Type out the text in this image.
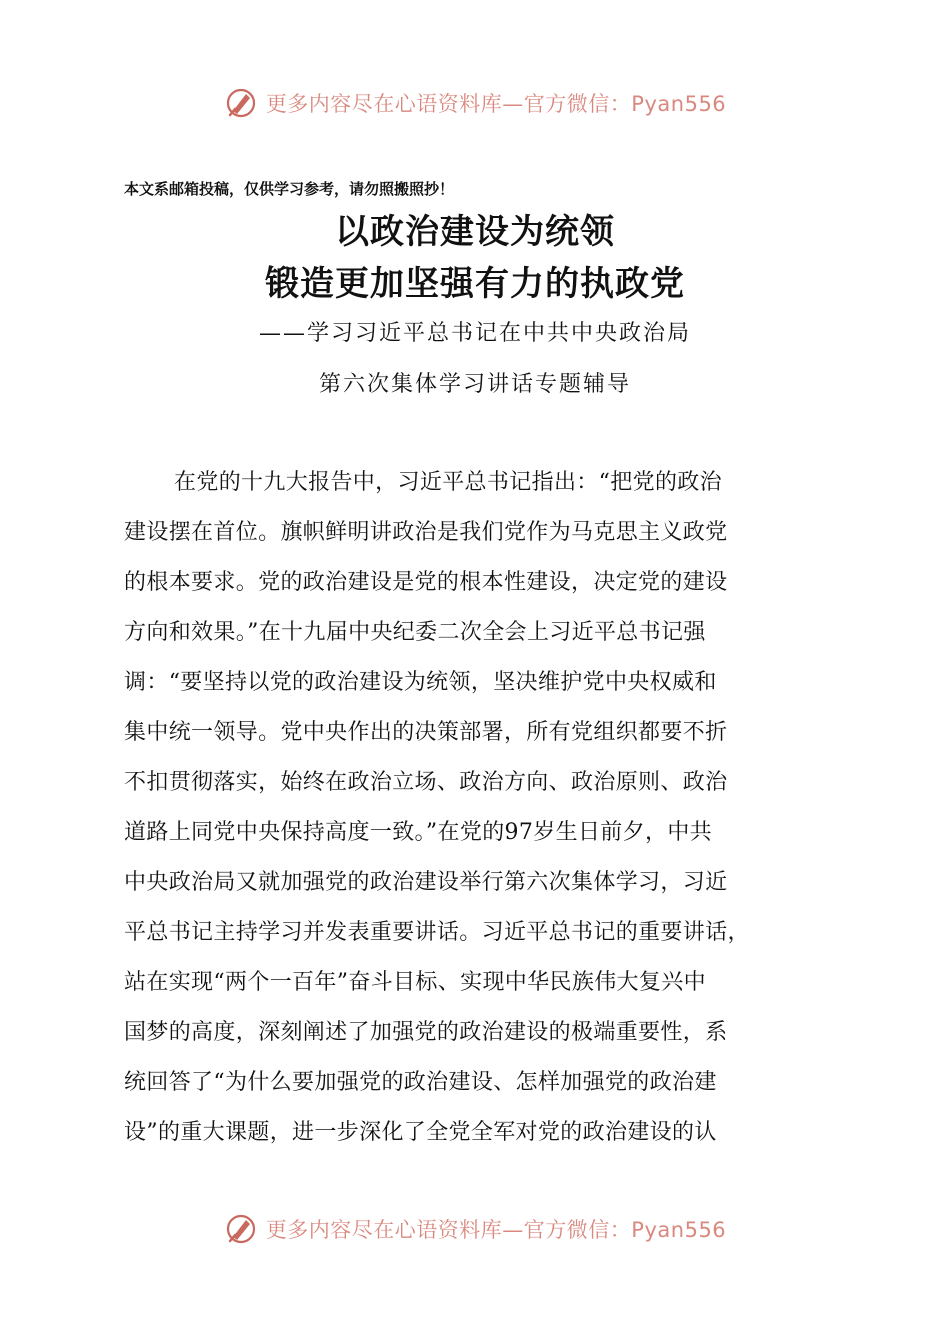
更多内容尽在心语资料库—官方微信：Pyan556
本文系邮箱投稿，仅供学习参考，请勿照搬照抄！
以政治建设为统领
锻造更加坚强有力的执政党
——学习习近平总书记在中共中央政治局
第六次集体学习讲话专题辅导
在党的十九大报告中，习近平总书记指出：“把党的政治
建设摆在首位。旗帜鲜明讲政治是我们党作为马克思主义政党
的根本要求。党的政治建设是党的根本性建设，决定党的建设
方向和效果。”在十九届中央纪委二次全会上习近平总书记强
调：“要坚持以党的政治建设为统领，坚决维护党中央权威和
集中统一领导。党中央作出的决策部署，所有党组织都要不折
不扣贯彻落实，始终在政治立场、政治方向、政治原则、政治
道路上同党中央保持高度一致。”在党的97岁生日前夕，中共
中央政治局又就加强党的政治建设举行第六次集体学习，习近
平总书记主持学习并发表重要讲话。习近平总书记的重要讲话，
站在实现“两个一百年”奋斗目标、实现中华民族伟大复兴中
国梦的高度，深刻阐述了加强党的政治建设的极端重要性，系
统回答了“为什么要加强党的政治建设、怎样加强党的政治建
设”的重大课题，进一步深化了全党全军对党的政治建设的认
更多内容尽在心语资料库—官方微信：Pyan556
